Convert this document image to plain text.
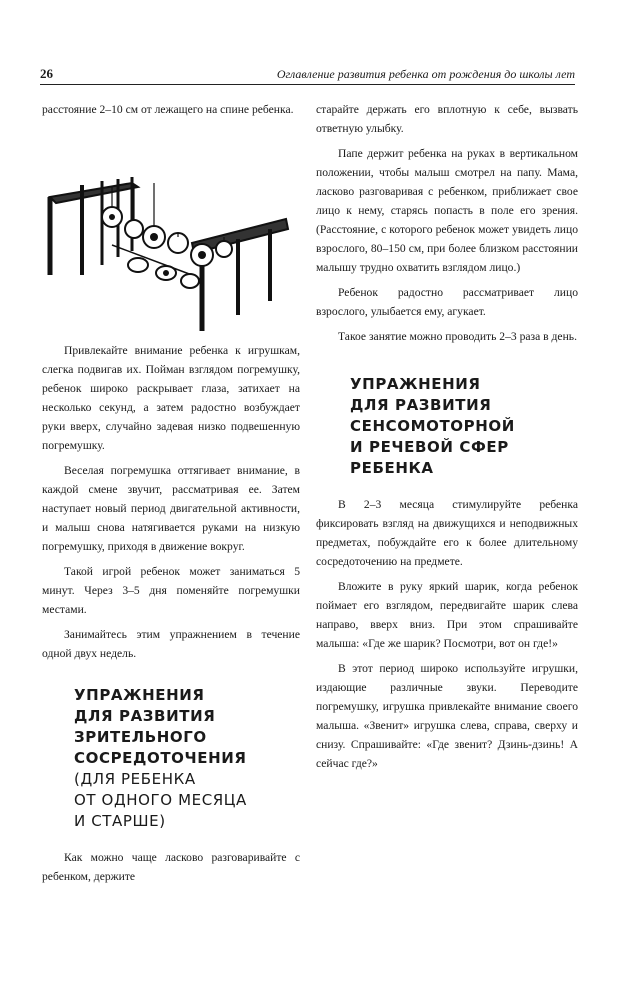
26	Оглавление развития ребенка от рождения до школы лет

расстояние 2–10 см от лежащего на спине ребенка.

Привлекайте внимание ребенка к игрушкам, слегка подвигав их. Пойман взглядом погремушку, ребенок широко раскрывает глаза, затихает на несколько секунд, а затем радостно возбуждает руки вверх, случайно задевая низко подвешенную погремушку.

Веселая погремушка оттягивает внимание, в каждой смене звучит, рассматривая ее. Затем наступает новый период двигательной активности, и малыш снова натягивается руками на низкую погремушку, приходя в движение вокруг.

Такой игрой ребенок может заниматься 5 минут. Через 3–5 дня поменяйте погремушки местами.

Занимайтесь этим упражнением в течение одной двух недель.

УПРАЖНЕНИЯ
ДЛЯ РАЗВИТИЯ
ЗРИТЕЛЬНОГО
СОСРЕДОТОЧЕНИЯ
(ДЛЯ РЕБЕНКА
ОТ ОДНОГО МЕСЯЦА
И СТАРШЕ)

Как можно чаще ласково разговаривайте с ребенком, держите

старайте держать его вплотную к себе, вызвать ответную улыбку.

Папе держит ребенка на руках в вертикальном положении, чтобы малыш смотрел на папу. Мама, ласково разговаривая с ребенком, приближает свое лицо к нему, старясь попасть в поле его зрения. (Расстояние, с которого ребенок может увидеть лицо взрослого, 80–150 см, при более близком расстоянии малышу трудно охватить взглядом лицо.)

Ребенок радостно рассматривает лицо взрослого, улыбается ему, агукает.

Такое занятие можно проводить 2–3 раза в день.

УПРАЖНЕНИЯ
ДЛЯ РАЗВИТИЯ
СЕНСОМОТОРНОЙ
И РЕЧЕВОЙ СФЕР
РЕБЕНКА

В 2–3 месяца стимулируйте ребенка фиксировать взгляд на движущихся и неподвижных предметах, побуждайте его к более длительному сосредоточению на предмете.

Вложите в руку яркий шарик, когда ребенок поймает его взглядом, передвигайте шарик слева направо, вверх вниз. При этом спрашивайте малыша: «Где же шарик? Посмотри, вот он где!»

В этот период широко используйте игрушки, издающие различные звуки. Переводите погремушку, игрушка привлекайте внимание своего малыша. «Звенит» игрушка слева, справа, сверху и снизу. Спрашивайте: «Где звенит? Дзинь-дзинь! А сейчас где?»
